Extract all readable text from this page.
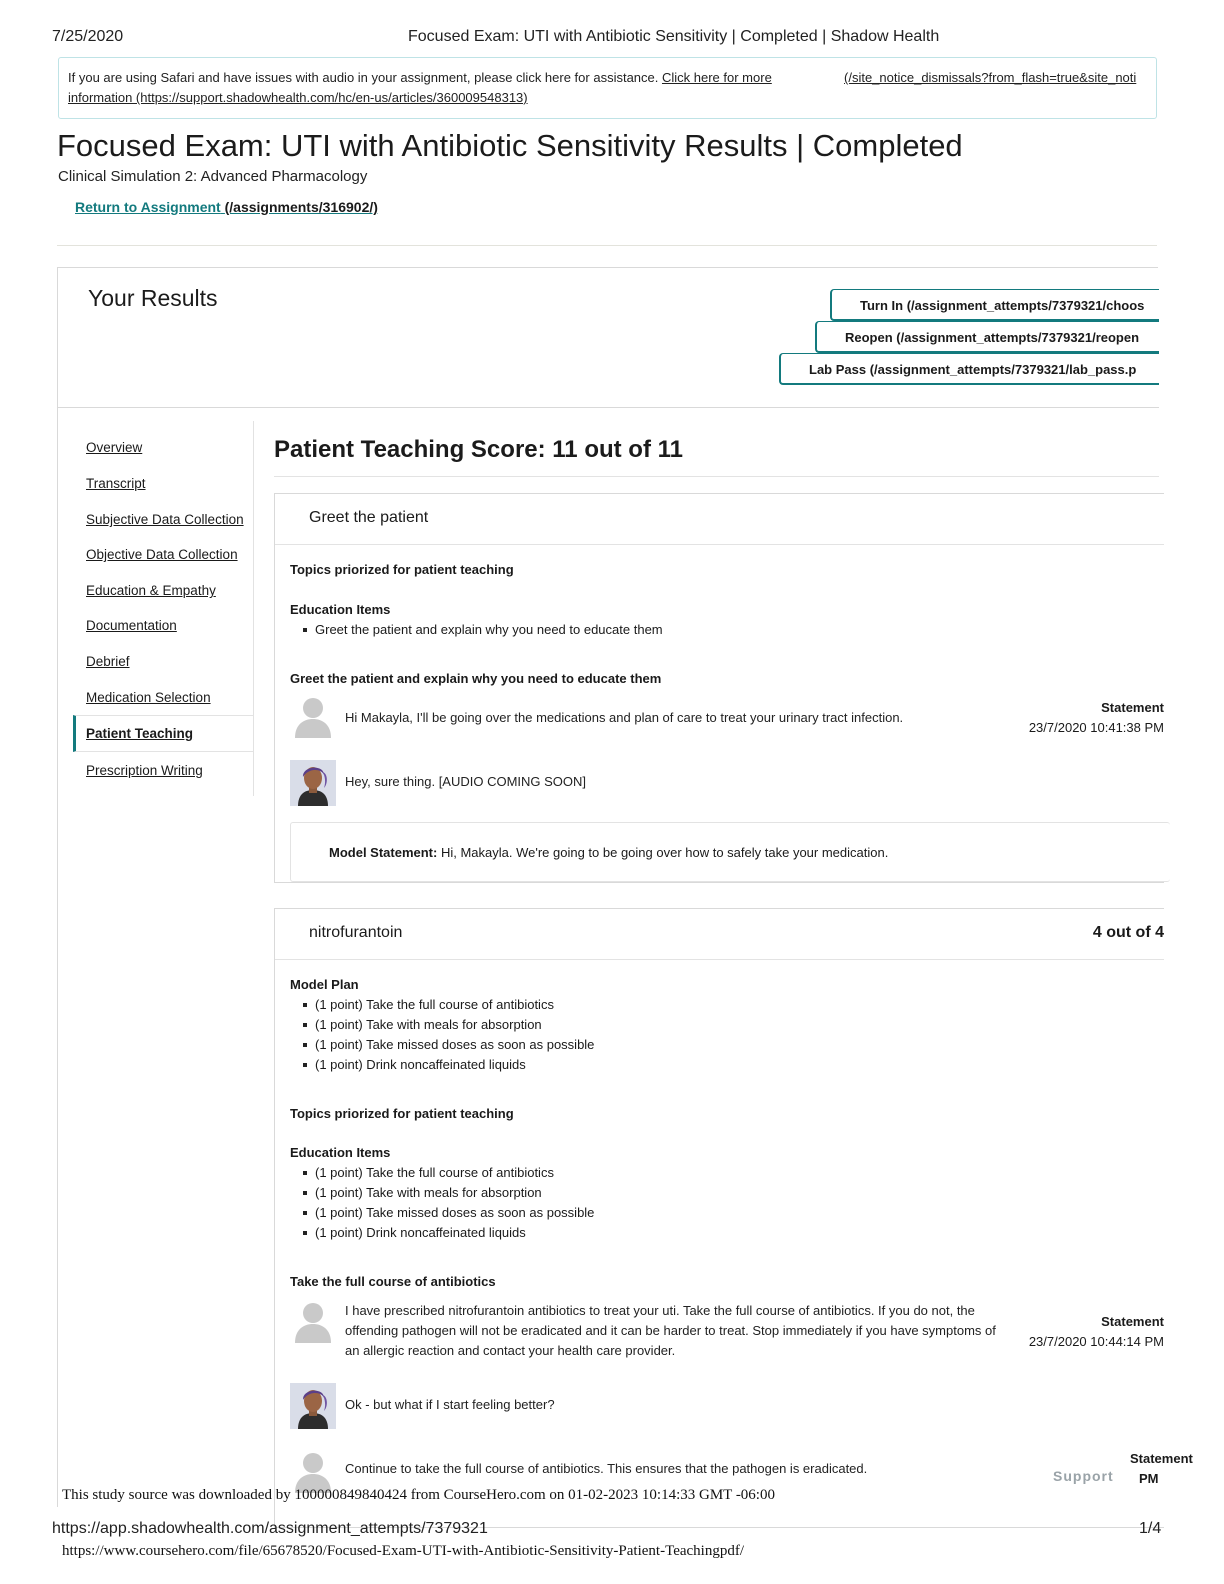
7/25/2020	Focused Exam: UTI with Antibiotic Sensitivity | Completed | Shadow Health
If you are using Safari and have issues with audio in your assignment, please click here for assistance. Click here for more	(/site_notice_dismissals?from_flash=true&site_noti
information (https://support.shadowhealth.com/hc/en-us/articles/360009548313)
Focused Exam: UTI with Antibiotic Sensitivity Results | Completed
Clinical Simulation 2: Advanced Pharmacology
Return to Assignment (/assignments/316902/)
Your Results	Turn In (/assignment_attempts/7379321/choos
Reopen (/assignment_attempts/7379321/reopen
Lab Pass (/assignment_attempts/7379321/lab_pass.p
Overview
Transcript
Subjective Data Collection
Objective Data Collection
Education & Empathy
Documentation
Debrief
Medication Selection
Patient Teaching
Prescription Writing
Patient Teaching Score: 11 out of 11
Greet the patient
Topics priorized for patient teaching
Education Items
Greet the patient and explain why you need to educate them
Greet the patient and explain why you need to educate them
Hi Makayla, I'll be going over the medications and plan of care to treat your urinary tract infection.
Statement
23/7/2020 10:41:38 PM
Hey, sure thing. [AUDIO COMING SOON]
Model Statement: Hi, Makayla. We're going to be going over how to safely take your medication.
nitrofurantoin	4 out of 4
Model Plan
(1 point) Take the full course of antibiotics
(1 point) Take with meals for absorption
(1 point) Take missed doses as soon as possible
(1 point) Drink noncaffeinated liquids
Topics priorized for patient teaching
Education Items
(1 point) Take the full course of antibiotics
(1 point) Take with meals for absorption
(1 point) Take missed doses as soon as possible
(1 point) Drink noncaffeinated liquids
Take the full course of antibiotics
I have prescribed nitrofurantoin antibiotics to treat your uti. Take the full course of antibiotics. If you do not, the offending pathogen will not be eradicated and it can be harder to treat. Stop immediately if you have symptoms of an allergic reaction and contact your health care provider.
Statement
23/7/2020 10:44:14 PM
Ok - but what if I start feeling better?
Continue to take the full course of antibiotics. This ensures that the pathogen is eradicated.
Statement
Support PM
This study source was downloaded by 100000849840424 from CourseHero.com on 01-02-2023 10:14:33 GMT -06:00
https://app.shadowhealth.com/assignment_attempts/7379321	1/4
https://www.coursehero.com/file/65678520/Focused-Exam-UTI-with-Antibiotic-Sensitivity-Patient-Teachingpdf/
